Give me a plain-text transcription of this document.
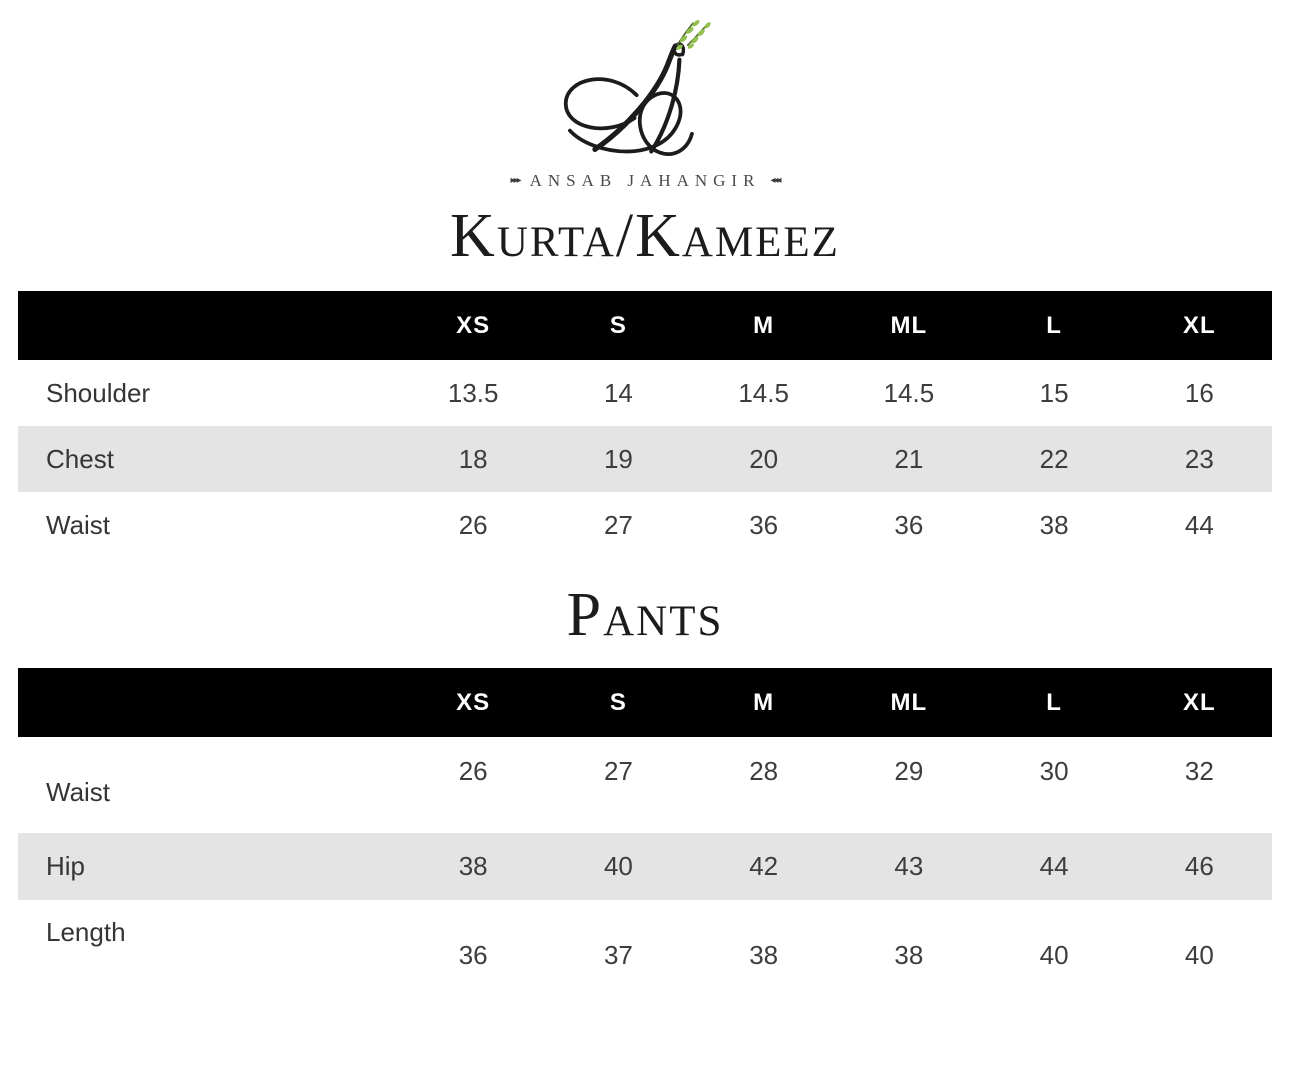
▸▸▸ ANSAB JAHANGIR ◂◂◂
Kurta/Kameez
	XS	S	M	ML	L	XL
Shoulder	13.5	14	14.5	14.5	15	16
Chest	18	19	20	21	22	23
Waist	26	27	36	36	38	44
Pants
	XS	S	M	ML	L	XL
Waist	26	27	28	29	30	32
Hip	38	40	42	43	44	46
Length	36	37	38	38	40	40
